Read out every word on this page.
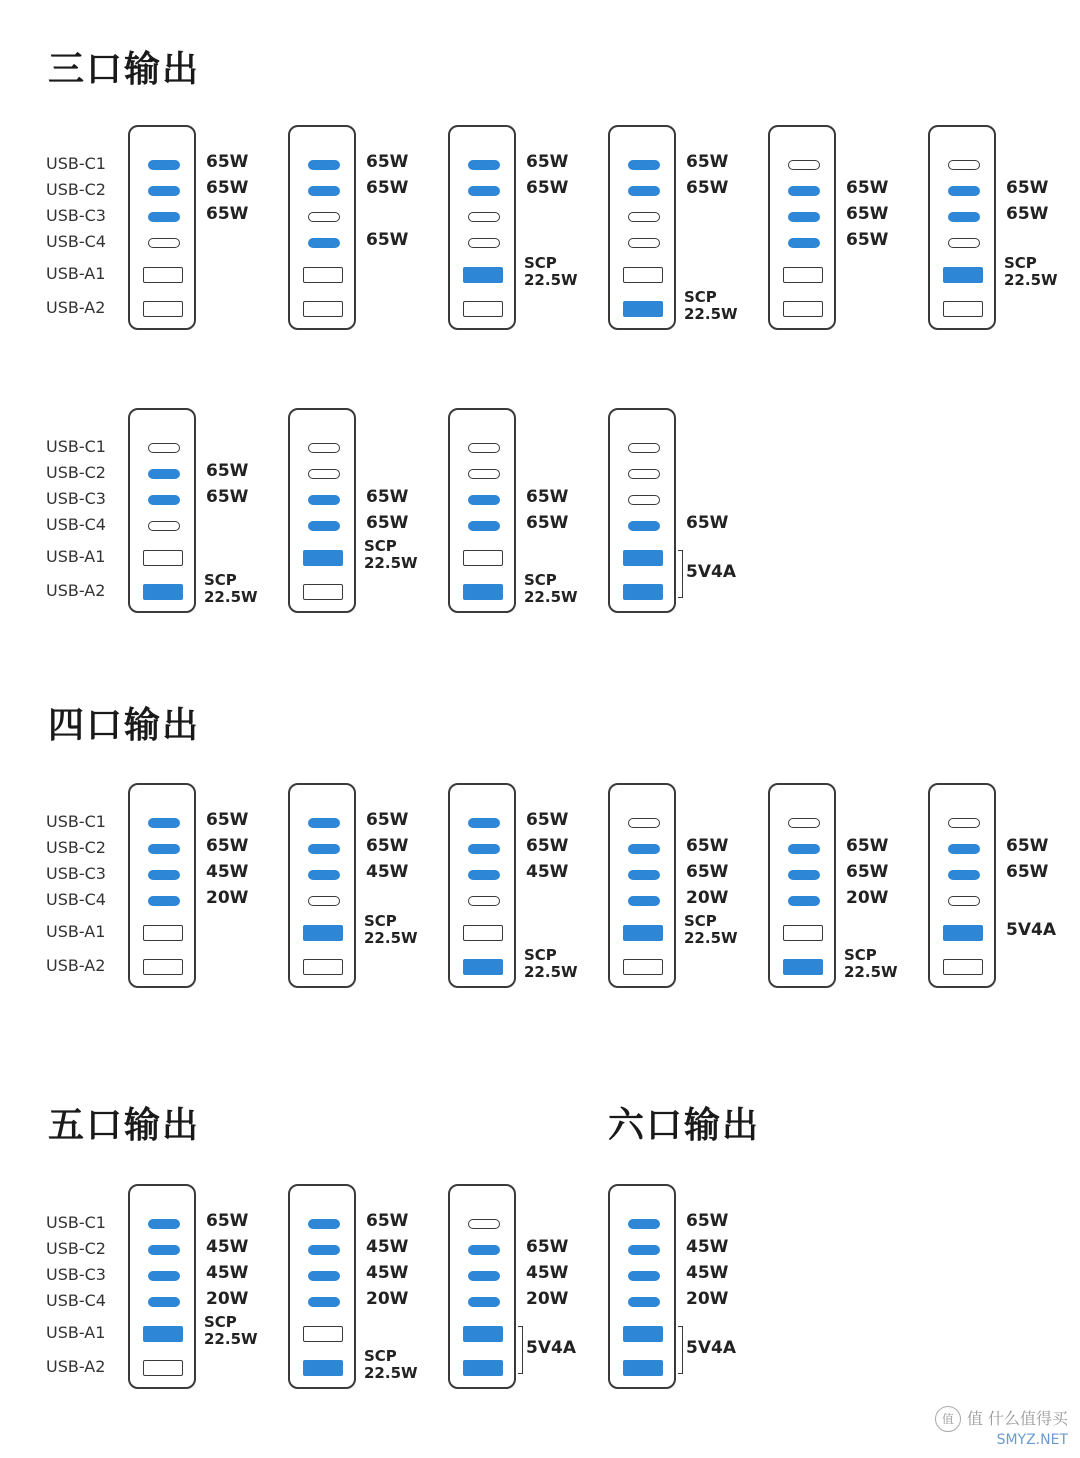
三口输出
四口输出
五口输出	六口输出
USB-C1
USB-C2
USB-C3
USB-C4
USB-A1
USB-A2
USB-C1
USB-C2
USB-C3
USB-C4
USB-A1
USB-A2
USB-C1
USB-C2
USB-C3
USB-C4
USB-A1
USB-A2
USB-C1
USB-C2
USB-C3
USB-C4
USB-A1
USB-A2
65W
65W
65W
65W
65W
65W
65W
65W
SCP
22.5W
65W
65W
SCP
22.5W
65W
65W
65W
65W
65W
SCP
22.5W
65W
65W
SCP
22.5W
65W
65W
SCP
22.5W
65W
65W
SCP
22.5W
65W
5V4A
65W
65W
45W
20W
65W
65W
45W
SCP
22.5W
65W
65W
45W
SCP
22.5W
65W
65W
20W
SCP
22.5W
65W
65W
20W
SCP
22.5W
65W
65W
5V4A
65W
45W
45W
20W
SCP
22.5W
65W
45W
45W
20W
SCP
22.5W
65W
45W
20W
5V4A
65W
45W
45W
20W
5V4A
值 值 什么值得买
SMYZ.NET
